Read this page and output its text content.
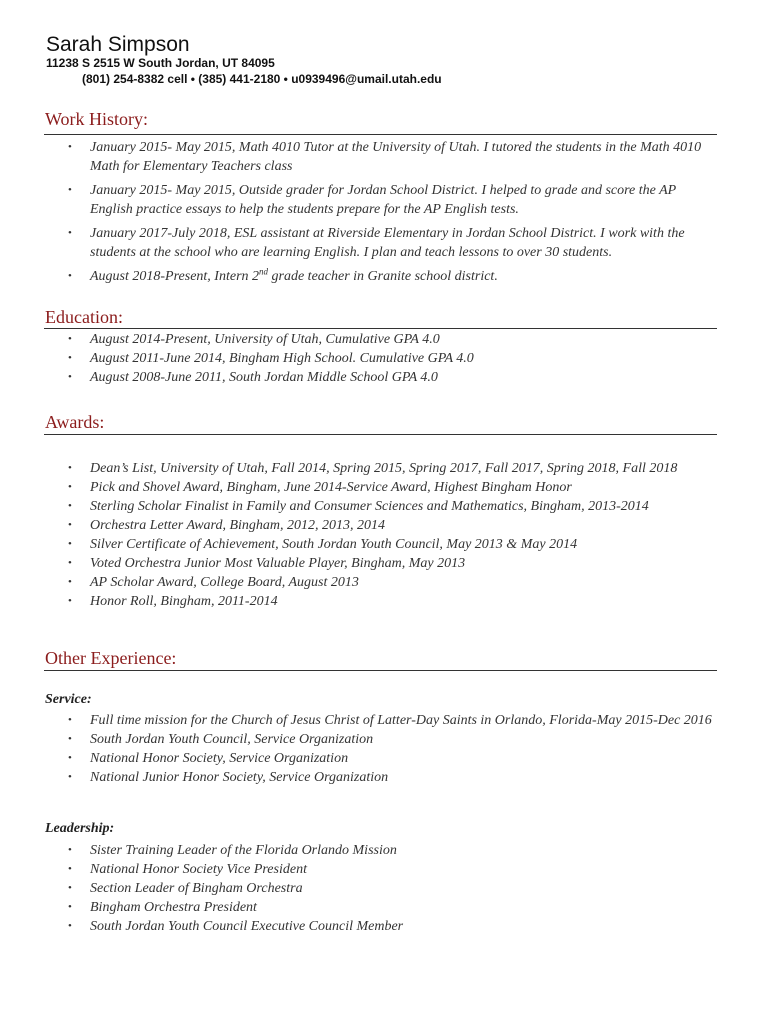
Sarah Simpson
11238 S 2515 W South Jordan, UT 84095
(801) 254-8382 cell • (385) 441-2180 • u0939496@umail.utah.edu
Work History:
• January 2015- May 2015, Math 4010 Tutor at the University of Utah. I tutored the students in the Math 4010 Math for Elementary Teachers class
• January 2015- May 2015, Outside grader for Jordan School District. I helped to grade and score the AP English practice essays to help the students prepare for the AP English tests.
• January 2017-July 2018, ESL assistant at Riverside Elementary in Jordan School District. I work with the students at the school who are learning English. I plan and teach lessons to over 30 students.
• August 2018-Present, Intern 2nd grade teacher in Granite school district.
Education:
• August 2014-Present, University of Utah, Cumulative GPA 4.0
• August 2011-June 2014, Bingham High School. Cumulative GPA 4.0
• August 2008-June 2011, South Jordan Middle School GPA 4.0
Awards:
• Dean’s List, University of Utah, Fall 2014, Spring 2015, Spring 2017, Fall 2017, Spring 2018, Fall 2018
• Pick and Shovel Award, Bingham, June 2014-Service Award, Highest Bingham Honor
• Sterling Scholar Finalist in Family and Consumer Sciences and Mathematics, Bingham, 2013-2014
• Orchestra Letter Award, Bingham, 2012, 2013, 2014
• Silver Certificate of Achievement, South Jordan Youth Council, May 2013 & May 2014
• Voted Orchestra Junior Most Valuable Player, Bingham, May 2013
• AP Scholar Award, College Board, August 2013
• Honor Roll, Bingham, 2011-2014
Other Experience:
Service:
• Full time mission for the Church of Jesus Christ of Latter-Day Saints in Orlando, Florida-May 2015-Dec 2016
• South Jordan Youth Council, Service Organization
• National Honor Society, Service Organization
• National Junior Honor Society, Service Organization
Leadership:
• Sister Training Leader of the Florida Orlando Mission
• National Honor Society Vice President
• Section Leader of Bingham Orchestra
• Bingham Orchestra President
• South Jordan Youth Council Executive Council Member
